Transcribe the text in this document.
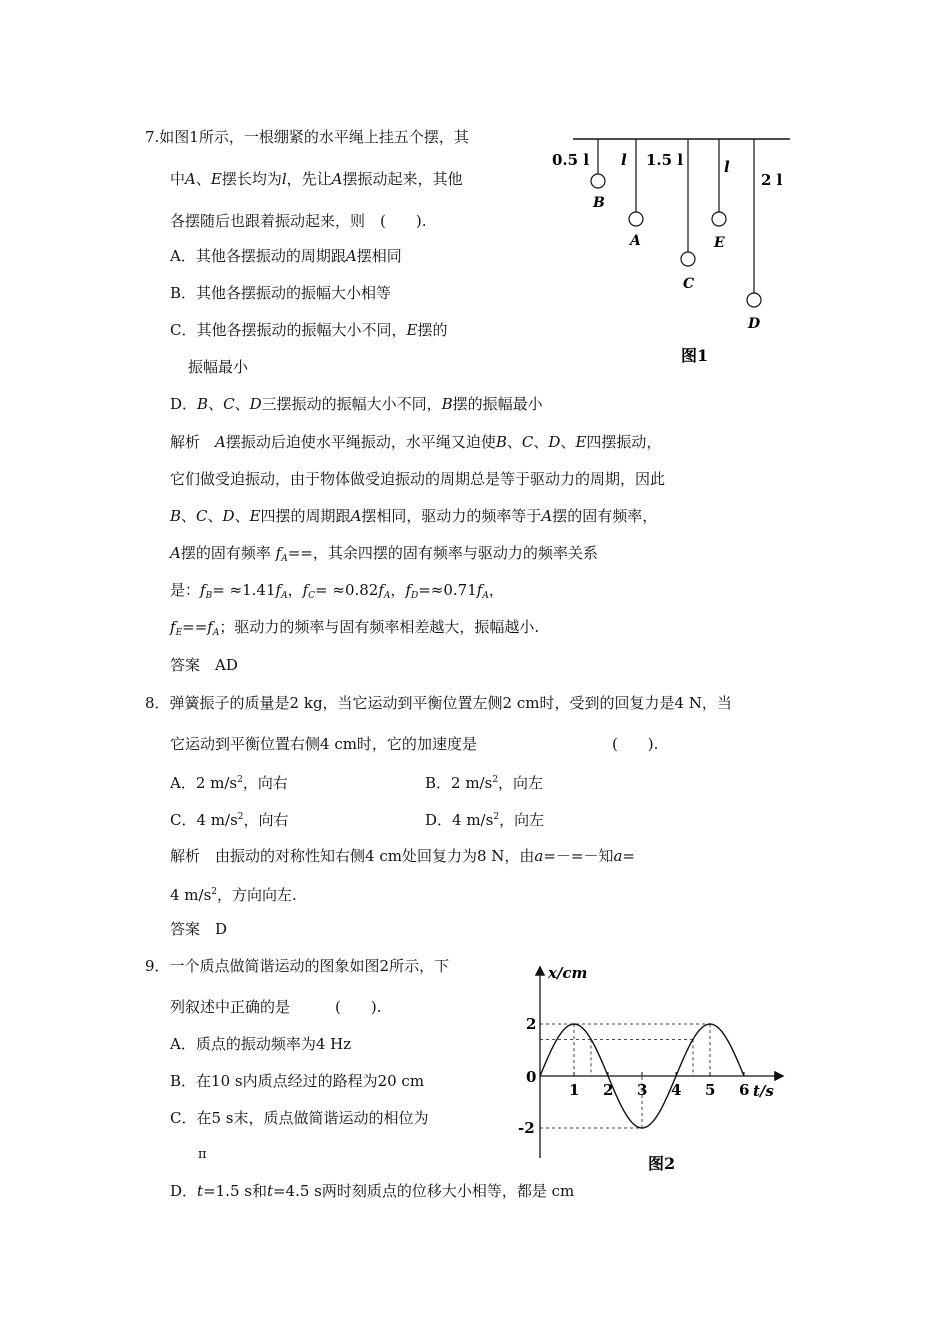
7.如图1所示，一根绷紧的水平绳上挂五个摆，其
中A、E摆长均为l，先让A摆振动起来，其他
各摆随后也跟着振动起来，则　(　　).
A．其他各摆振动的周期跟A摆相同
B．其他各摆振动的振幅大小相等
C．其他各摆振动的振幅大小不同，E摆的
振幅最小
D．B、C、D三摆振动的振幅大小不同，B摆的振幅最小
解析　A摆振动后迫使水平绳振动，水平绳又迫使B、C、D、E四摆振动，
它们做受迫振动，由于物体做受迫振动的周期总是等于驱动力的周期，因此
B、C、D、E四摆的周期跟A摆相同，驱动力的频率等于A摆的固有频率，
A摆的固有频率 $f_A==$，其余四摆的固有频率与驱动力的频率关系
是：$f_B= \approx 1.41f_A$，$f_C= \approx 0.82f_A$，$f_D=\approx 0.71f_A$，
$f_E==f_A$；驱动力的频率与固有频率相差越大，振幅越小.
答案　AD
0.5 l
B
l
A
1.5 l
C
l
E
2 l
D
图1
8．弹簧振子的质量是2 kg，当它运动到平衡位置左侧2 cm时，受到的回复力是4 N，当
它运动到平衡位置右侧4 cm时，它的加速度是　　　　　　　　　(　　).
A．2 $m/s^2$，向右	B．2 $m/s^2$，向左
C．4 $m/s^2$，向右	D．4 $m/s^2$，向左
解析　由振动的对称性知右侧4 cm处回复力为8 N，由a=－=－知a=
4 $m/s^2$，方向向左.
答案　D
9．一个质点做简谐运动的图象如图2所示，下
列叙述中正确的是　　　(　　).
A．质点的振动频率为4 Hz
B．在10 s内质点经过的路程为20 cm
C．在5 s末，质点做简谐运动的相位为
π
D．t=1.5 s和t=4.5 s两时刻质点的位移大小相等，都是 cm
x/cm
t/s
0
1 2 3 4 5 6
2
-2
图2
